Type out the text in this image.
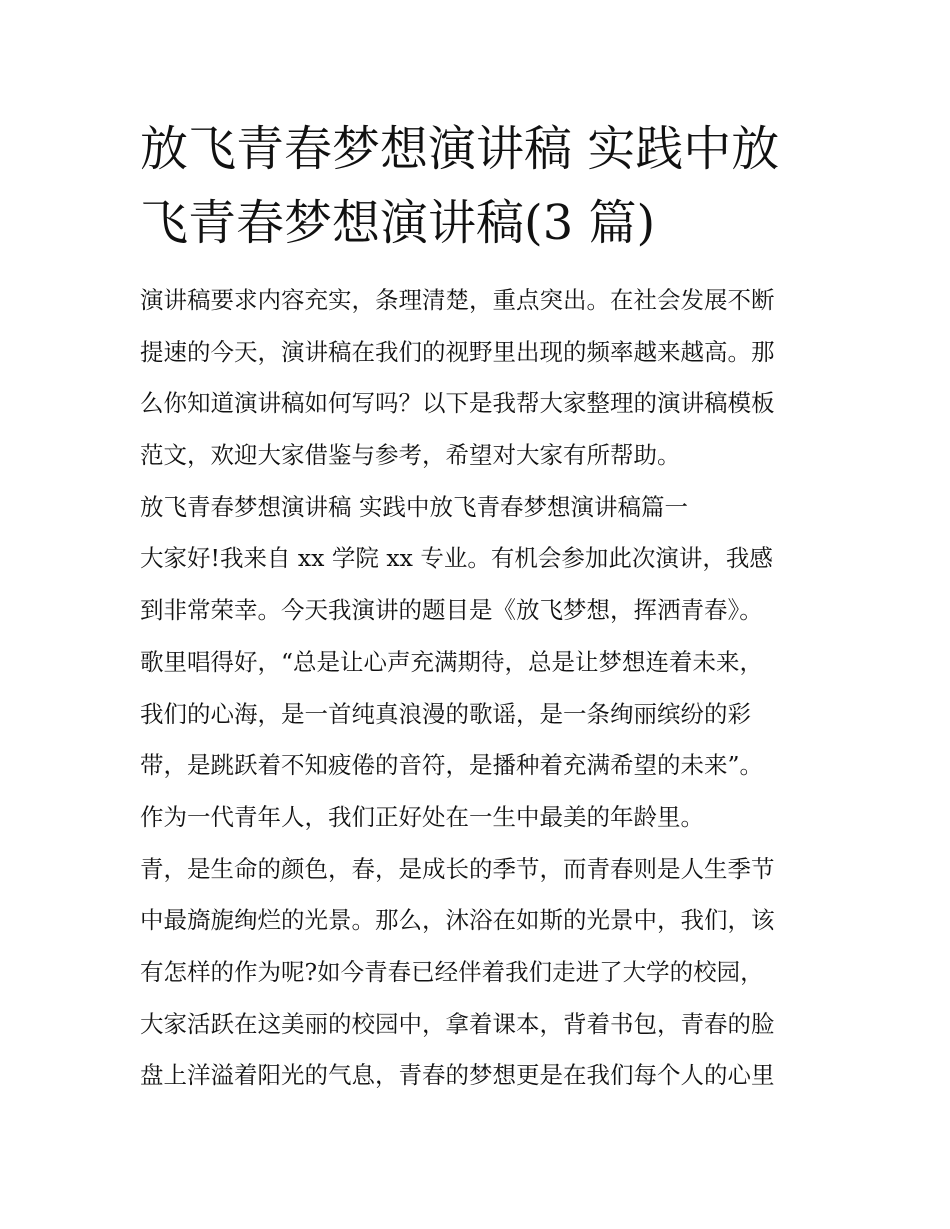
放飞青春梦想演讲稿 实践中放
飞青春梦想演讲稿(3 篇)
演讲稿要求内容充实，条理清楚，重点突出。在社会发展不断
提速的今天，演讲稿在我们的视野里出现的频率越来越高。那
么你知道演讲稿如何写吗？以下是我帮大家整理的演讲稿模板
范文，欢迎大家借鉴与参考，希望对大家有所帮助。
放飞青春梦想演讲稿 实践中放飞青春梦想演讲稿篇一
大家好!我来自 xx 学院 xx 专业。有机会参加此次演讲，我感
到非常荣幸。今天我演讲的题目是《放飞梦想，挥洒青春》。
歌里唱得好，“总是让心声充满期待，总是让梦想连着未来，
我们的心海，是一首纯真浪漫的歌谣，是一条绚丽缤纷的彩
带，是跳跃着不知疲倦的音符，是播种着充满希望的未来”。
作为一代青年人，我们正好处在一生中最美的年龄里。
青，是生命的颜色，春，是成长的季节，而青春则是人生季节
中最旖旎绚烂的光景。那么，沐浴在如斯的光景中，我们，该
有怎样的作为呢?如今青春已经伴着我们走进了大学的校园，
大家活跃在这美丽的校园中，拿着课本，背着书包，青春的脸
盘上洋溢着阳光的气息，青春的梦想更是在我们每个人的心里
